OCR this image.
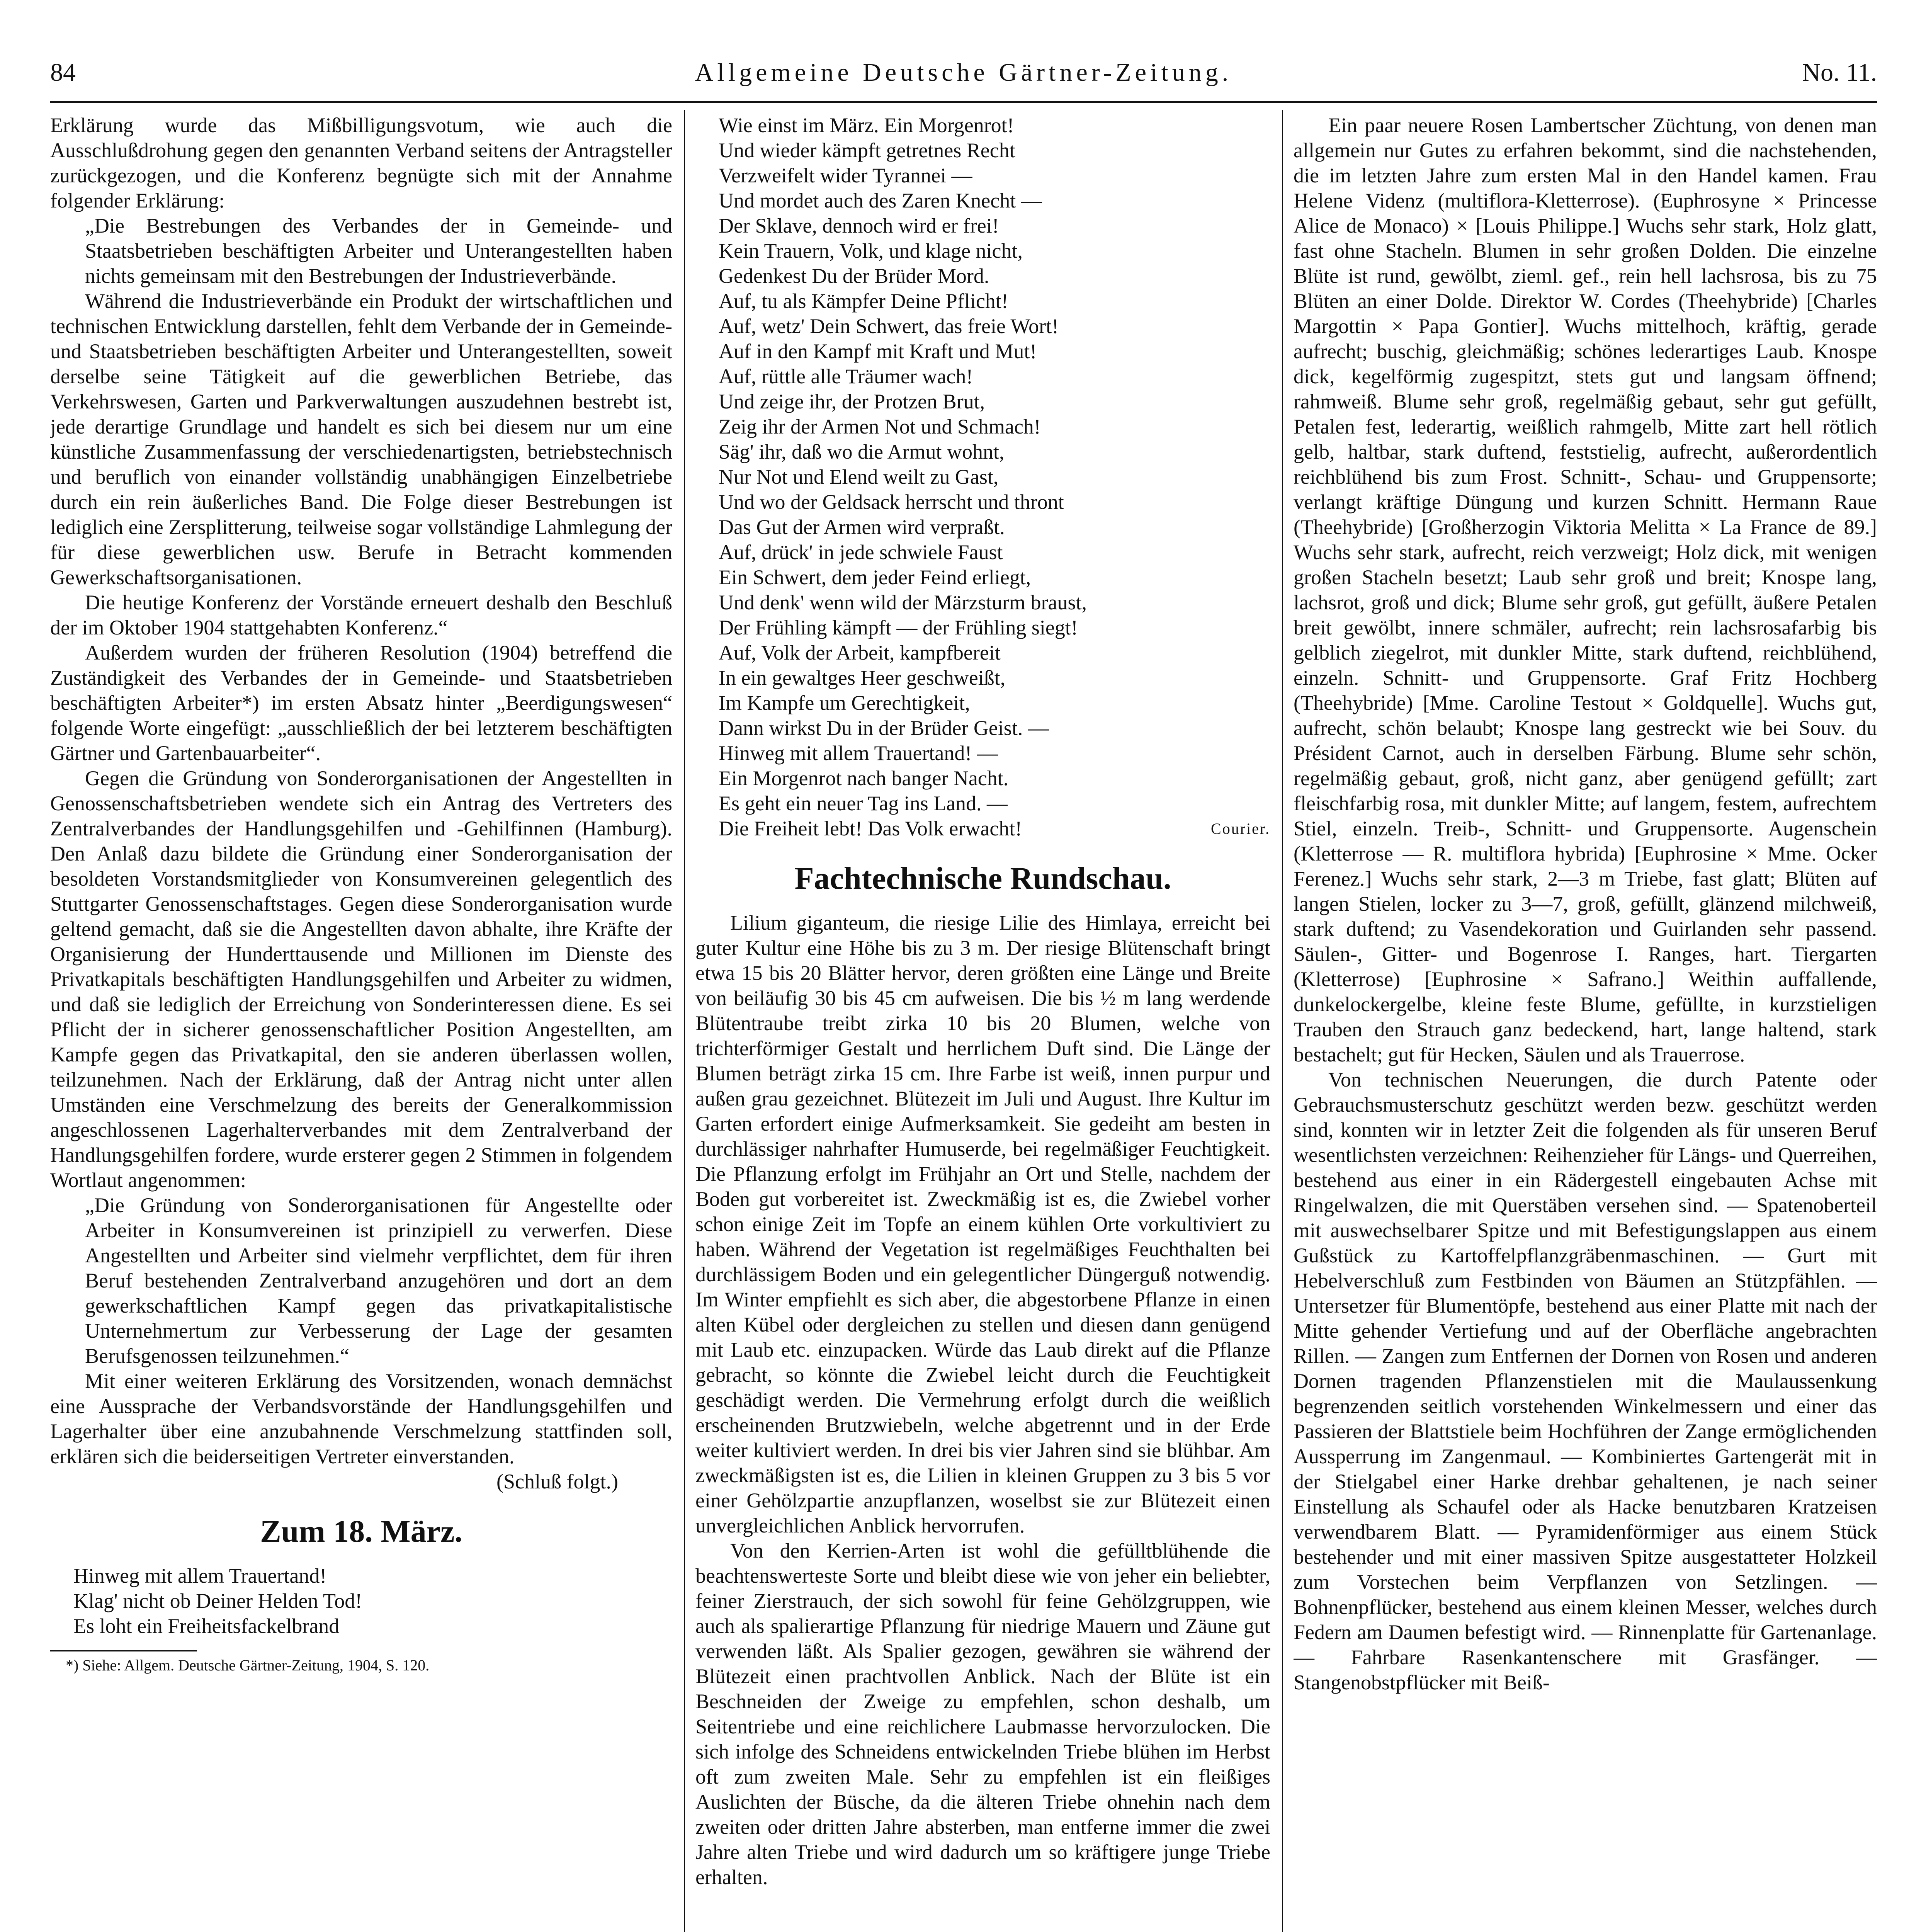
84	Allgemeine Deutsche Gärtner-Zeitung.	No. 11.

Erklärung wurde das Mißbilligungsvotum, wie auch die Ausschlußdrohung gegen den genannten Verband seitens der Antragsteller zurückgezogen, und die Konferenz begnügte sich mit der Annahme folgender Erklärung:

„Die Bestrebungen des Verbandes der in Gemeinde- und Staatsbetrieben beschäftigten Arbeiter und Unterangestellten haben nichts gemeinsam mit den Bestrebungen der Industrieverbände.

Während die Industrieverbände ein Produkt der wirtschaftlichen und technischen Entwicklung darstellen, fehlt dem Verbande der in Gemeinde- und Staatsbetrieben beschäftigten Arbeiter und Unterangestellten, soweit derselbe seine Tätigkeit auf die gewerblichen Betriebe, das Verkehrswesen, Garten und Parkverwaltungen auszudehnen bestrebt ist, jede derartige Grundlage und handelt es sich bei diesem nur um eine künstliche Zusammenfassung der verschiedenartigsten, betriebstechnisch und beruflich von einander vollständig unabhängigen Einzelbetriebe durch ein rein äußerliches Band. Die Folge dieser Bestrebungen ist lediglich eine Zersplitterung, teilweise sogar vollständige Lahmlegung der für diese gewerblichen usw. Berufe in Betracht kommenden Gewerkschaftsorganisationen.

Die heutige Konferenz der Vorstände erneuert deshalb den Beschluß der im Oktober 1904 stattgehabten Konferenz.“

Außerdem wurden der früheren Resolution (1904) betreffend die Zuständigkeit des Verbandes der in Gemeinde- und Staatsbetrieben beschäftigten Arbeiter*) im ersten Absatz hinter „Beerdigungswesen“ folgende Worte eingefügt: „ausschließlich der bei letzterem beschäftigten Gärtner und Gartenbauarbeiter“.

Gegen die Gründung von Sonderorganisationen der Angestellten in Genossenschaftsbetrieben wendete sich ein Antrag des Vertreters des Zentralverbandes der Handlungsgehilfen und -Gehilfinnen (Hamburg). Den Anlaß dazu bildete die Gründung einer Sonderorganisation der besoldeten Vorstandsmitglieder von Konsumvereinen gelegentlich des Stuttgarter Genossenschaftstages. Gegen diese Sonderorganisation wurde geltend gemacht, daß sie die Angestellten davon abhalte, ihre Kräfte der Organisierung der Hunderttausende und Millionen im Dienste des Privatkapitals beschäftigten Handlungsgehilfen und Arbeiter zu widmen, und daß sie lediglich der Erreichung von Sonderinteressen diene. Es sei Pflicht der in sicherer genossenschaftlicher Position Angestellten, am Kampfe gegen das Privatkapital, den sie anderen überlassen wollen, teilzunehmen. Nach der Erklärung, daß der Antrag nicht unter allen Umständen eine Verschmelzung des bereits der Generalkommission angeschlossenen Lagerhalterverbandes mit dem Zentralverband der Handlungsgehilfen fordere, wurde ersterer gegen 2 Stimmen in folgendem Wortlaut angenommen:

„Die Gründung von Sonderorganisationen für Angestellte oder Arbeiter in Konsumvereinen ist prinzipiell zu verwerfen. Diese Angestellten und Arbeiter sind vielmehr verpflichtet, dem für ihren Beruf bestehenden Zentralverband anzugehören und dort an dem gewerkschaftlichen Kampf gegen das privatkapitalistische Unternehmertum zur Verbesserung der Lage der gesamten Berufsgenossen teilzunehmen.“

Mit einer weiteren Erklärung des Vorsitzenden, wonach demnächst eine Aussprache der Verbandsvorstände der Handlungsgehilfen und Lagerhalter über eine anzubahnende Verschmelzung stattfinden soll, erklären sich die beiderseitigen Vertreter einverstanden.

(Schluß folgt.)

Zum 18. März.
Hinweg mit allem Trauertand!
Klag' nicht ob Deiner Helden Tod!
Es loht ein Freiheitsfackelbrand
*) Siehe: Allgem. Deutsche Gärtner-Zeitung, 1904, S. 120.
Wie einst im März. Ein Morgenrot!
Und wieder kämpft getretnes Recht
Verzweifelt wider Tyrannei —
Und mordet auch des Zaren Knecht —
Der Sklave, dennoch wird er frei!
Kein Trauern, Volk, und klage nicht,
Gedenkest Du der Brüder Mord.
Auf, tu als Kämpfer Deine Pflicht!
Auf, wetz' Dein Schwert, das freie Wort!
Auf in den Kampf mit Kraft und Mut!
Auf, rüttle alle Träumer wach!
Und zeige ihr, der Protzen Brut,
Zeig ihr der Armen Not und Schmach!
Säg' ihr, daß wo die Armut wohnt,
Nur Not und Elend weilt zu Gast,
Und wo der Geldsack herrscht und thront
Das Gut der Armen wird verpraßt.
Auf, drück' in jede schwiele Faust
Ein Schwert, dem jeder Feind erliegt,
Und denk' wenn wild der Märzsturm braust,
Der Frühling kämpft — der Frühling siegt!
Auf, Volk der Arbeit, kampfbereit
In ein gewaltges Heer geschweißt,
Im Kampfe um Gerechtigkeit,
Dann wirkst Du in der Brüder Geist. —
Hinweg mit allem Trauertand! —
Ein Morgenrot nach banger Nacht.
Es geht ein neuer Tag ins Land. —
Die Freiheit lebt! Das Volk erwacht!	Courier.
Fachtechnische Rundschau.

Lilium giganteum, die riesige Lilie des Himlaya, erreicht bei guter Kultur eine Höhe bis zu 3 m. Der riesige Blütenschaft bringt etwa 15 bis 20 Blätter hervor, deren größten eine Länge und Breite von beiläufig 30 bis 45 cm aufweisen. Die bis ½ m lang werdende Blütentraube treibt zirka 10 bis 20 Blumen, welche von trichterförmiger Gestalt und herrlichem Duft sind. Die Länge der Blumen beträgt zirka 15 cm. Ihre Farbe ist weiß, innen purpur und außen grau gezeichnet. Blütezeit im Juli und August. Ihre Kultur im Garten erfordert einige Aufmerksamkeit. Sie gedeiht am besten in durchlässiger nahrhafter Humuserde, bei regelmäßiger Feuchtigkeit. Die Pflanzung erfolgt im Frühjahr an Ort und Stelle, nachdem der Boden gut vorbereitet ist. Zweckmäßig ist es, die Zwiebel vorher schon einige Zeit im Topfe an einem kühlen Orte vorkultiviert zu haben. Während der Vegetation ist regelmäßiges Feuchthalten bei durchlässigem Boden und ein gelegentlicher Düngerguß notwendig. Im Winter empfiehlt es sich aber, die abgestorbene Pflanze in einen alten Kübel oder dergleichen zu stellen und diesen dann genügend mit Laub etc. einzupacken. Würde das Laub direkt auf die Pflanze gebracht, so könnte die Zwiebel leicht durch die Feuchtigkeit geschädigt werden. Die Vermehrung erfolgt durch die weißlich erscheinenden Brutzwiebeln, welche abgetrennt und in der Erde weiter kultiviert werden. In drei bis vier Jahren sind sie blühbar. Am zweckmäßigsten ist es, die Lilien in kleinen Gruppen zu 3 bis 5 vor einer Gehölzpartie anzupflanzen, woselbst sie zur Blütezeit einen unvergleichlichen Anblick hervorrufen.

Von den Kerrien-Arten ist wohl die gefülltblühende die beachtenswerteste Sorte und bleibt diese wie von jeher ein beliebter, feiner Zierstrauch, der sich sowohl für feine Gehölzgruppen, wie auch als spalierartige Pflanzung für niedrige Mauern und Zäune gut verwenden läßt. Als Spalier gezogen, gewähren sie während der Blütezeit einen prachtvollen Anblick. Nach der Blüte ist ein Beschneiden der Zweige zu empfehlen, schon deshalb, um Seitentriebe und eine reichlichere Laubmasse hervorzulocken. Die sich infolge des Schneidens entwickelnden Triebe blühen im Herbst oft zum zweiten Male. Sehr zu empfehlen ist ein fleißiges Auslichten der Büsche, da die älteren Triebe ohnehin nach dem zweiten oder dritten Jahre absterben, man entferne immer die zwei Jahre alten Triebe und wird dadurch um so kräftigere junge Triebe erhalten.

Ein paar neuere Rosen Lambertscher Züchtung, von denen man allgemein nur Gutes zu erfahren bekommt, sind die nachstehenden, die im letzten Jahre zum ersten Mal in den Handel kamen. Frau Helene Videnz (multiflora-Kletterrose). (Euphrosyne × Princesse Alice de Monaco) × [Louis Philippe.] Wuchs sehr stark, Holz glatt, fast ohne Stacheln. Blumen in sehr großen Dolden. Die einzelne Blüte ist rund, gewölbt, zieml. gef., rein hell lachsrosa, bis zu 75 Blüten an einer Dolde. Direktor W. Cordes (Theehybride) [Charles Margottin × Papa Gontier]. Wuchs mittelhoch, kräftig, gerade aufrecht; buschig, gleichmäßig; schönes lederartiges Laub. Knospe dick, kegelförmig zugespitzt, stets gut und langsam öffnend; rahmweiß. Blume sehr groß, regelmäßig gebaut, sehr gut gefüllt, Petalen fest, lederartig, weißlich rahmgelb, Mitte zart hell rötlich gelb, haltbar, stark duftend, feststielig, aufrecht, außerordentlich reichblühend bis zum Frost. Schnitt-, Schau- und Gruppensorte; verlangt kräftige Düngung und kurzen Schnitt. Hermann Raue (Theehybride) [Großherzogin Viktoria Melitta × La France de 89.] Wuchs sehr stark, aufrecht, reich verzweigt; Holz dick, mit wenigen großen Stacheln besetzt; Laub sehr groß und breit; Knospe lang, lachsrot, groß und dick; Blume sehr groß, gut gefüllt, äußere Petalen breit gewölbt, innere schmäler, aufrecht; rein lachsrosafarbig bis gelblich ziegelrot, mit dunkler Mitte, stark duftend, reichblühend, einzeln. Schnitt- und Gruppensorte. Graf Fritz Hochberg (Theehybride) [Mme. Caroline Testout × Goldquelle]. Wuchs gut, aufrecht, schön belaubt; Knospe lang gestreckt wie bei Souv. du Président Carnot, auch in derselben Färbung. Blume sehr schön, regelmäßig gebaut, groß, nicht ganz, aber genügend gefüllt; zart fleischfarbig rosa, mit dunkler Mitte; auf langem, festem, aufrechtem Stiel, einzeln. Treib-, Schnitt- und Gruppensorte. Augenschein (Kletterrose — R. multiflora hybrida) [Euphrosine × Mme. Ocker Ferenez.] Wuchs sehr stark, 2—3 m Triebe, fast glatt; Blüten auf langen Stielen, locker zu 3—7, groß, gefüllt, glänzend milchweiß, stark duftend; zu Vasendekoration und Guirlanden sehr passend. Säulen-, Gitter- und Bogenrose I. Ranges, hart. Tiergarten (Kletterrose) [Euphrosine × Safrano.] Weithin auffallende, dunkelockergelbe, kleine feste Blume, gefüllte, in kurzstieligen Trauben den Strauch ganz bedeckend, hart, lange haltend, stark bestachelt; gut für Hecken, Säulen und als Trauerrose.

Von technischen Neuerungen, die durch Patente oder Gebrauchsmusterschutz geschützt werden bezw. geschützt werden sind, konnten wir in letzter Zeit die folgenden als für unseren Beruf wesentlichsten verzeichnen: Reihenzieher für Längs- und Querreihen, bestehend aus einer in ein Rädergestell eingebauten Achse mit Ringelwalzen, die mit Querstäben versehen sind. — Spatenoberteil mit auswechselbarer Spitze und mit Befestigungslappen aus einem Gußstück zu Kartoffelpflanzgräbenmaschinen. — Gurt mit Hebelverschluß zum Festbinden von Bäumen an Stützpfählen. — Untersetzer für Blumentöpfe, bestehend aus einer Platte mit nach der Mitte gehender Vertiefung und auf der Oberfläche angebrachten Rillen. — Zangen zum Entfernen der Dornen von Rosen und anderen Dornen tragenden Pflanzenstielen mit die Maulaussenkung begrenzenden seitlich vorstehenden Winkelmessern und einer das Passieren der Blattstiele beim Hochführen der Zange ermöglichenden Aussperrung im Zangenmaul. — Kombiniertes Gartengerät mit in der Stielgabel einer Harke drehbar gehaltenen, je nach seiner Einstellung als Schaufel oder als Hacke benutzbaren Kratzeisen verwendbarem Blatt. — Pyramidenförmiger aus einem Stück bestehender und mit einer massiven Spitze ausgestatteter Holzkeil zum Vorstechen beim Verpflanzen von Setzlingen. — Bohnenpflücker, bestehend aus einem kleinen Messer, welches durch Federn am Daumen befestigt wird. — Rinnenplatte für Gartenanlage. — Fahrbare Rasenkantenschere mit Grasfänger. — Stangenobstpflücker mit Beiß-
